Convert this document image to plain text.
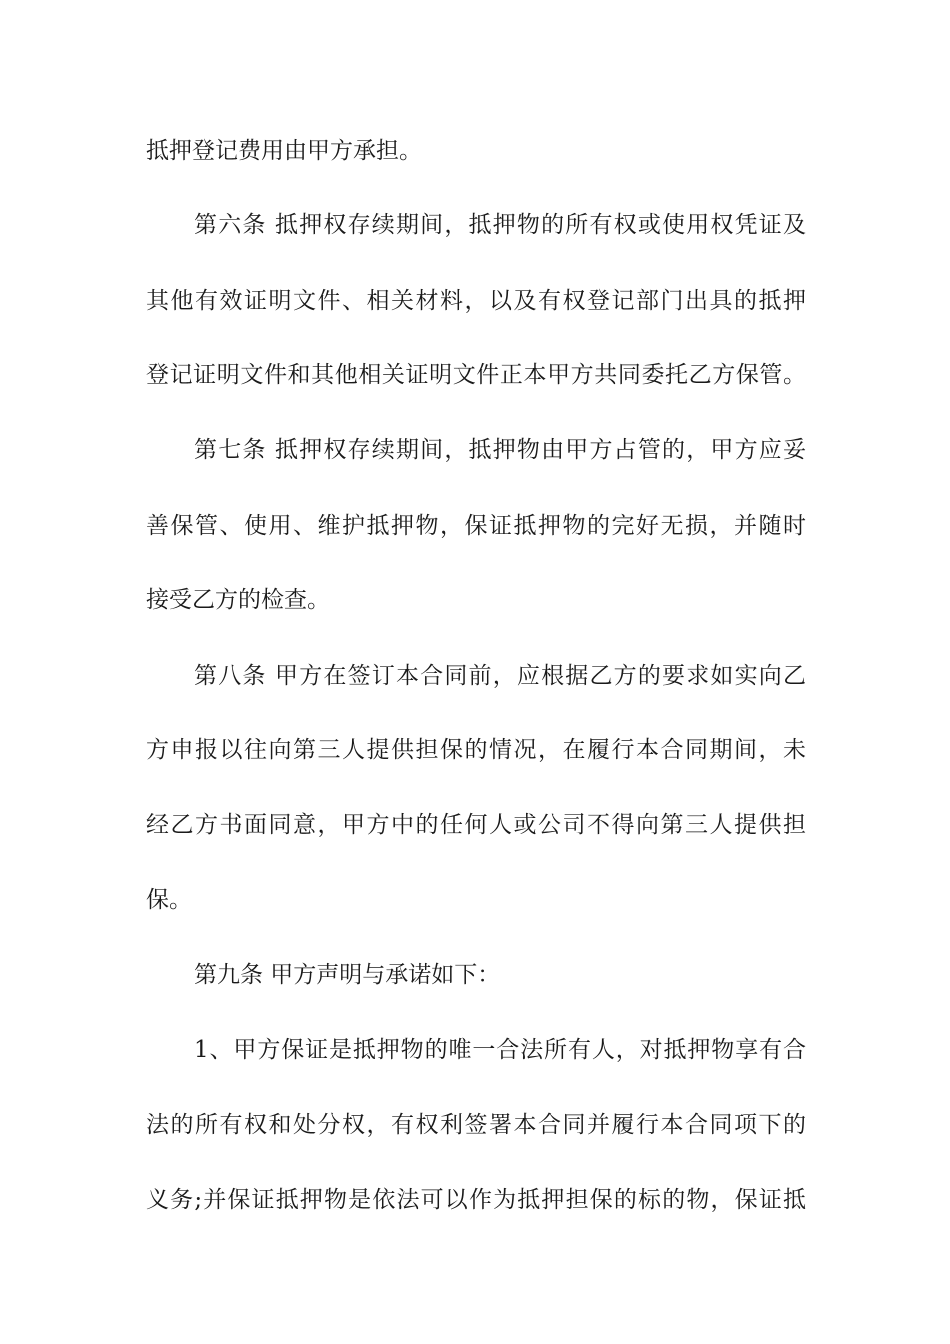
抵押登记费用由甲方承担。
第六条 抵押权存续期间，抵押物的所有权或使用权凭证及
其他有效证明文件、相关材料，以及有权登记部门出具的抵押
登记证明文件和其他相关证明文件正本甲方共同委托乙方保管。
第七条 抵押权存续期间，抵押物由甲方占管的，甲方应妥
善保管、使用、维护抵押物，保证抵押物的完好无损，并随时
接受乙方的检查。
第八条 甲方在签订本合同前，应根据乙方的要求如实向乙
方申报以往向第三人提供担保的情况，在履行本合同期间，未
经乙方书面同意，甲方中的任何人或公司不得向第三人提供担
保。
第九条 甲方声明与承诺如下：
1、甲方保证是抵押物的唯一合法所有人，对抵押物享有合
法的所有权和处分权，有权利签署本合同并履行本合同项下的
义务;并保证抵押物是依法可以作为抵押担保的标的物，保证抵
